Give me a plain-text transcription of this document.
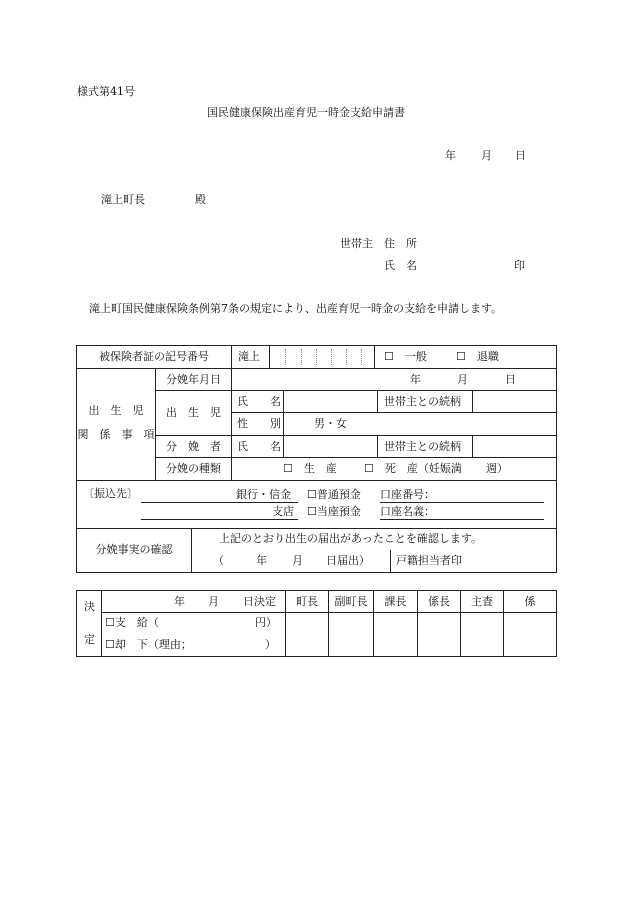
様式第41号
国民健康保険出産育児一時金支給申請書
年 月 日
滝上町長	殿
世帯主 住　所
氏　名	印
滝上町国民健康保険条例第7条の規定により、出産育児一時金の支給を申請します。
被保険者証の記号番号	滝上	☐　一般	☐　退職
出　生　児
関　係　事　項
分娩年月日	年	月	日
出　生　児
氏　　名	世帯主との続柄
性　　別	男・女
分　娩　者	氏　　名	世帯主との続柄
分娩の種類	☐　生　産 ☐　死　産（妊娠満 週）
〔振込先〕	銀行・信金 ☐普通預金 口座番号：
支店 ☐当座預金 口座名義：
分娩事実の確認
上記のとおり出生の届出があったことを確認します。
（	年 月 日届出） 戸籍担当者印
決
定
年 月 日決定	町長	副町長	課長	係長	主査	係
☐支　給（	円）
☐却　下（理由；	）
